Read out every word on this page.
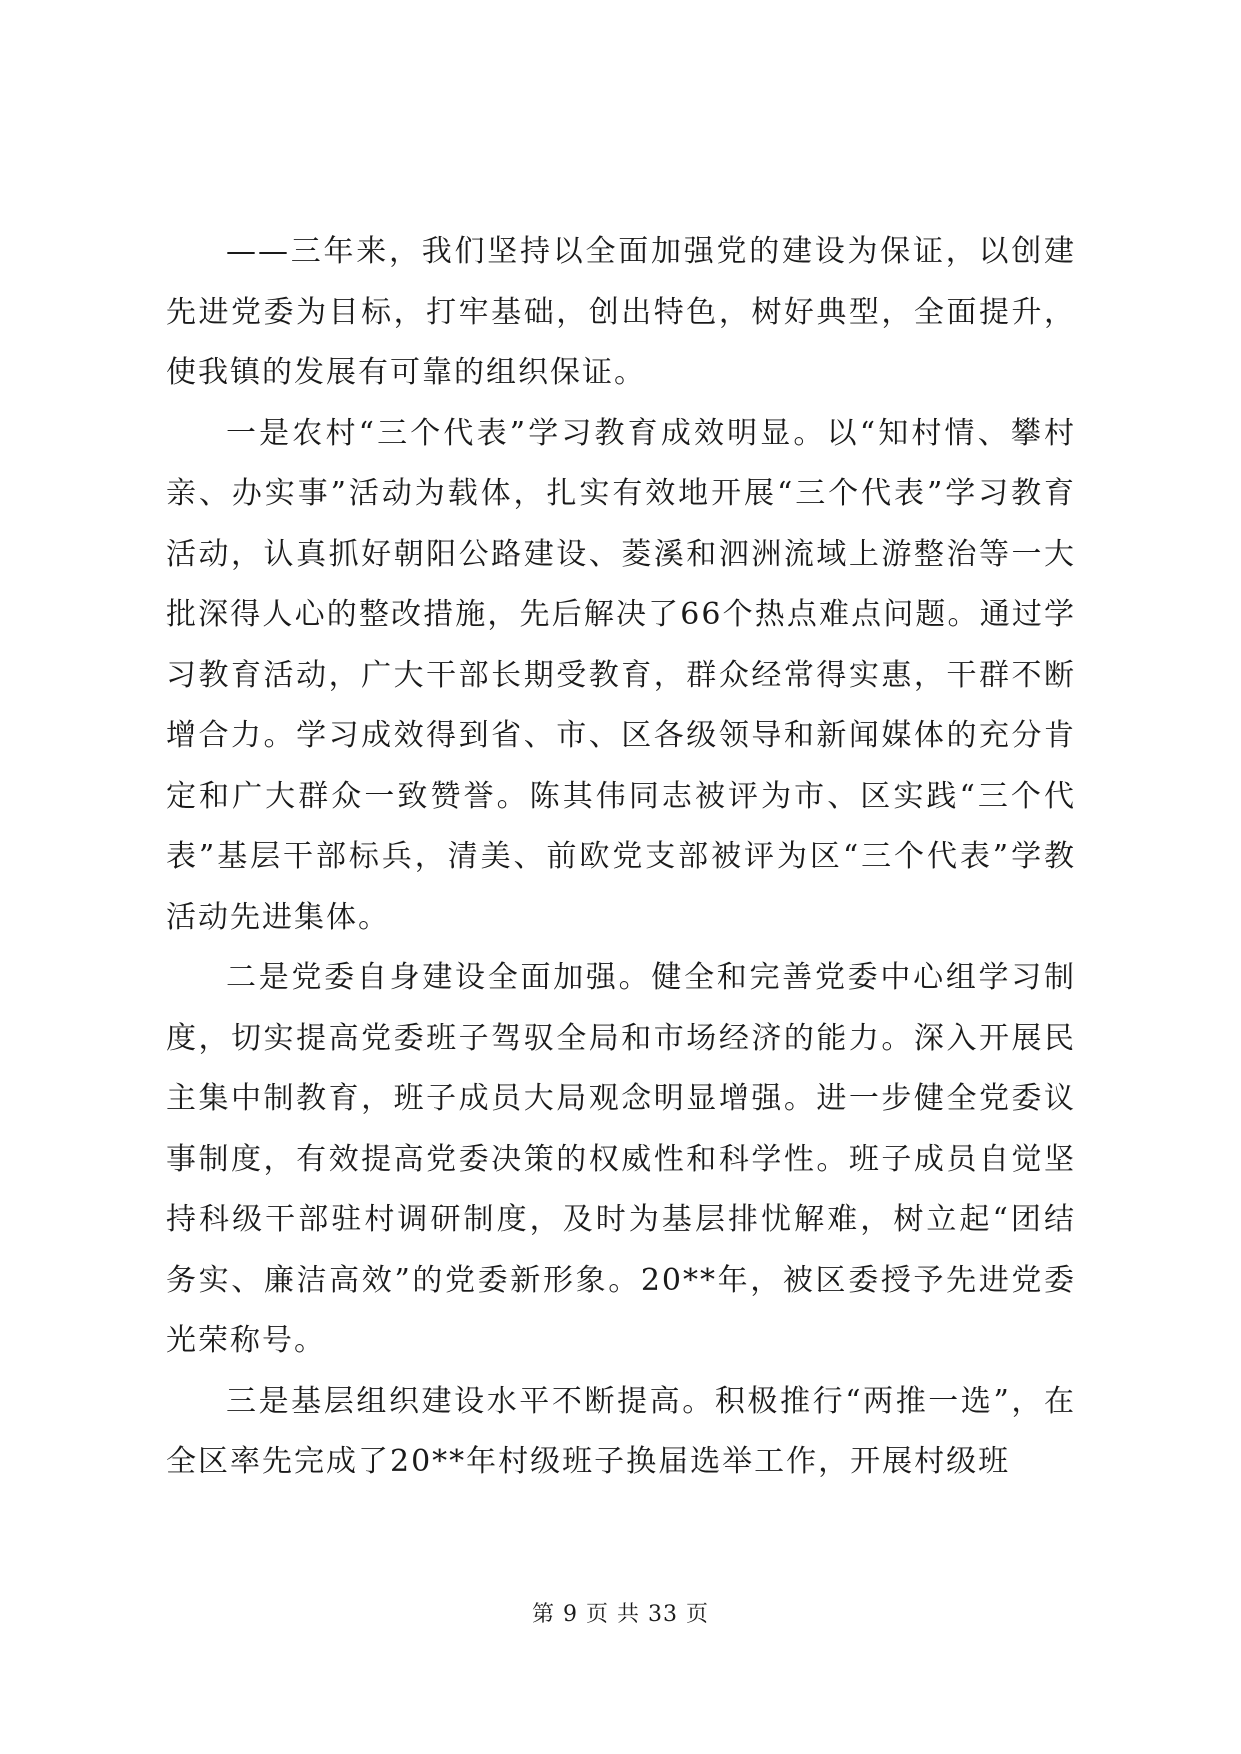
——三年来，我们坚持以全面加强党的建设为保证，以创建先进党委为目标，打牢基础，创出特色，树好典型，全面提升，使我镇的发展有可靠的组织保证。

一是农村“三个代表”学习教育成效明显。以“知村情、攀村亲、办实事”活动为载体，扎实有效地开展“三个代表”学习教育活动，认真抓好朝阳公路建设、菱溪和泗洲流域上游整治等一大批深得人心的整改措施，先后解决了66个热点难点问题。通过学习教育活动，广大干部长期受教育，群众经常得实惠，干群不断增合力。学习成效得到省、市、区各级领导和新闻媒体的充分肯定和广大群众一致赞誉。陈其伟同志被评为市、区实践“三个代表”基层干部标兵，清美、前欧党支部被评为区“三个代表”学教活动先进集体。

二是党委自身建设全面加强。健全和完善党委中心组学习制度，切实提高党委班子驾驭全局和市场经济的能力。深入开展民主集中制教育，班子成员大局观念明显增强。进一步健全党委议事制度，有效提高党委决策的权威性和科学性。班子成员自觉坚持科级干部驻村调研制度，及时为基层排忧解难，树立起“团结务实、廉洁高效”的党委新形象。20**年，被区委授予先进党委光荣称号。

三是基层组织建设水平不断提高。积极推行“两推一选”，在全区率先完成了20**年村级班子换届选举工作，开展村级班

第 9 页 共 33 页
